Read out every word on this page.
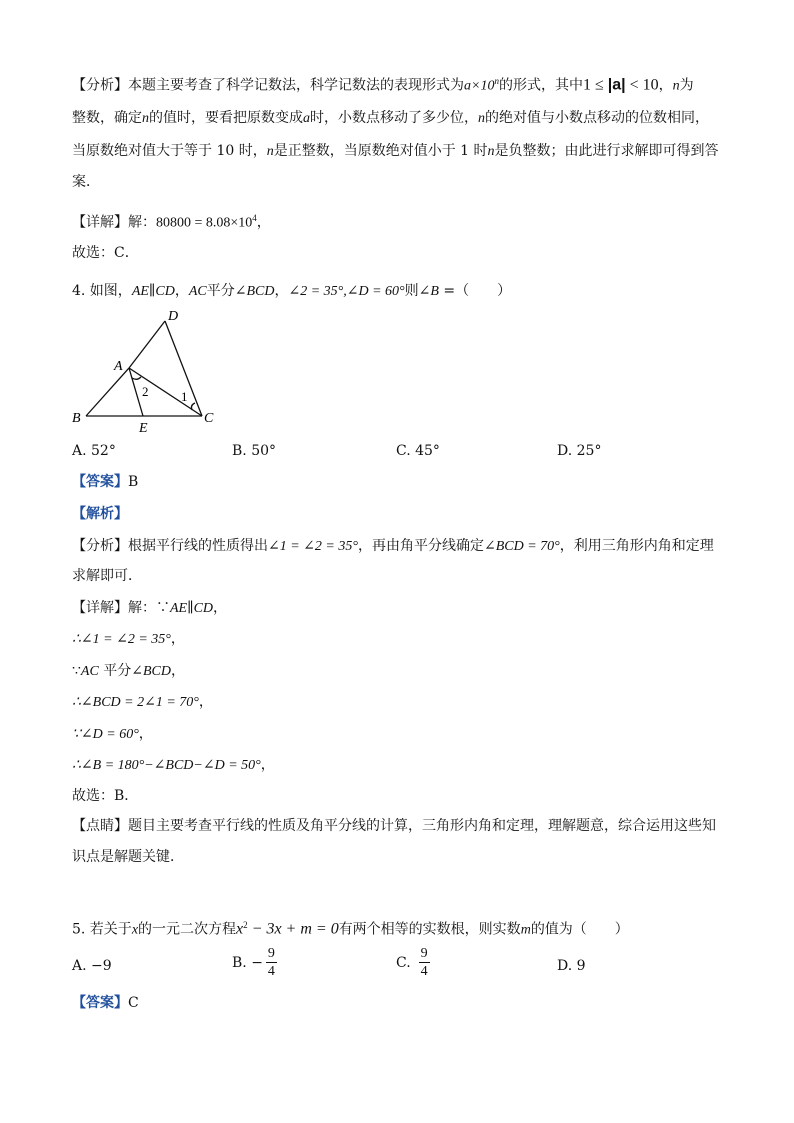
【分析】本题主要考查了科学记数法，科学记数法的表现形式为$a\times 10^n$的形式，其中1 ≤ |a| < 10，n为
整数，确定n的值时，要看把原数变成a时，小数点移动了多少位，n的绝对值与小数点移动的位数相同，
当原数绝对值大于等于 10 时，n是正整数，当原数绝对值小于 1 时n是负整数；由此进行求解即可得到答
案．
【详解】解：$80800 = 8.08\times 10^4$，
故选：C．
4. 如图，AE∥CD，AC平分∠BCD，∠2 = 35°,∠D = 60°则∠B =（　　）
D
A
B
E
C
2	1
A. 52°	B. 50°	C. 45°	D. 25°
【答案】B
【解析】
【分析】根据平行线的性质得出∠1 = ∠2 = 35°，再由角平分线确定∠BCD = 70°，利用三角形内角和定理
求解即可．
【详解】解：∵AE∥CD，
∴∠1 = ∠2 = 35°，
∵AC 平分∠BCD，
∴∠BCD = 2∠1 = 70°，
∵∠D = 60°，
∴∠B = 180°−∠BCD−∠D = 50°，
故选：B．
【点睛】题目主要考查平行线的性质及角平分线的计算，三角形内角和定理，理解题意，综合运用这些知
识点是解题关键．
5. 若关于x的一元二次方程$x^2 - 3x + m = 0$有两个相等的实数根，则实数m的值为（　　）
A. −9	B. − $\frac{9}{4}$	C. $\frac{9}{4}$	D. 9
【答案】C
